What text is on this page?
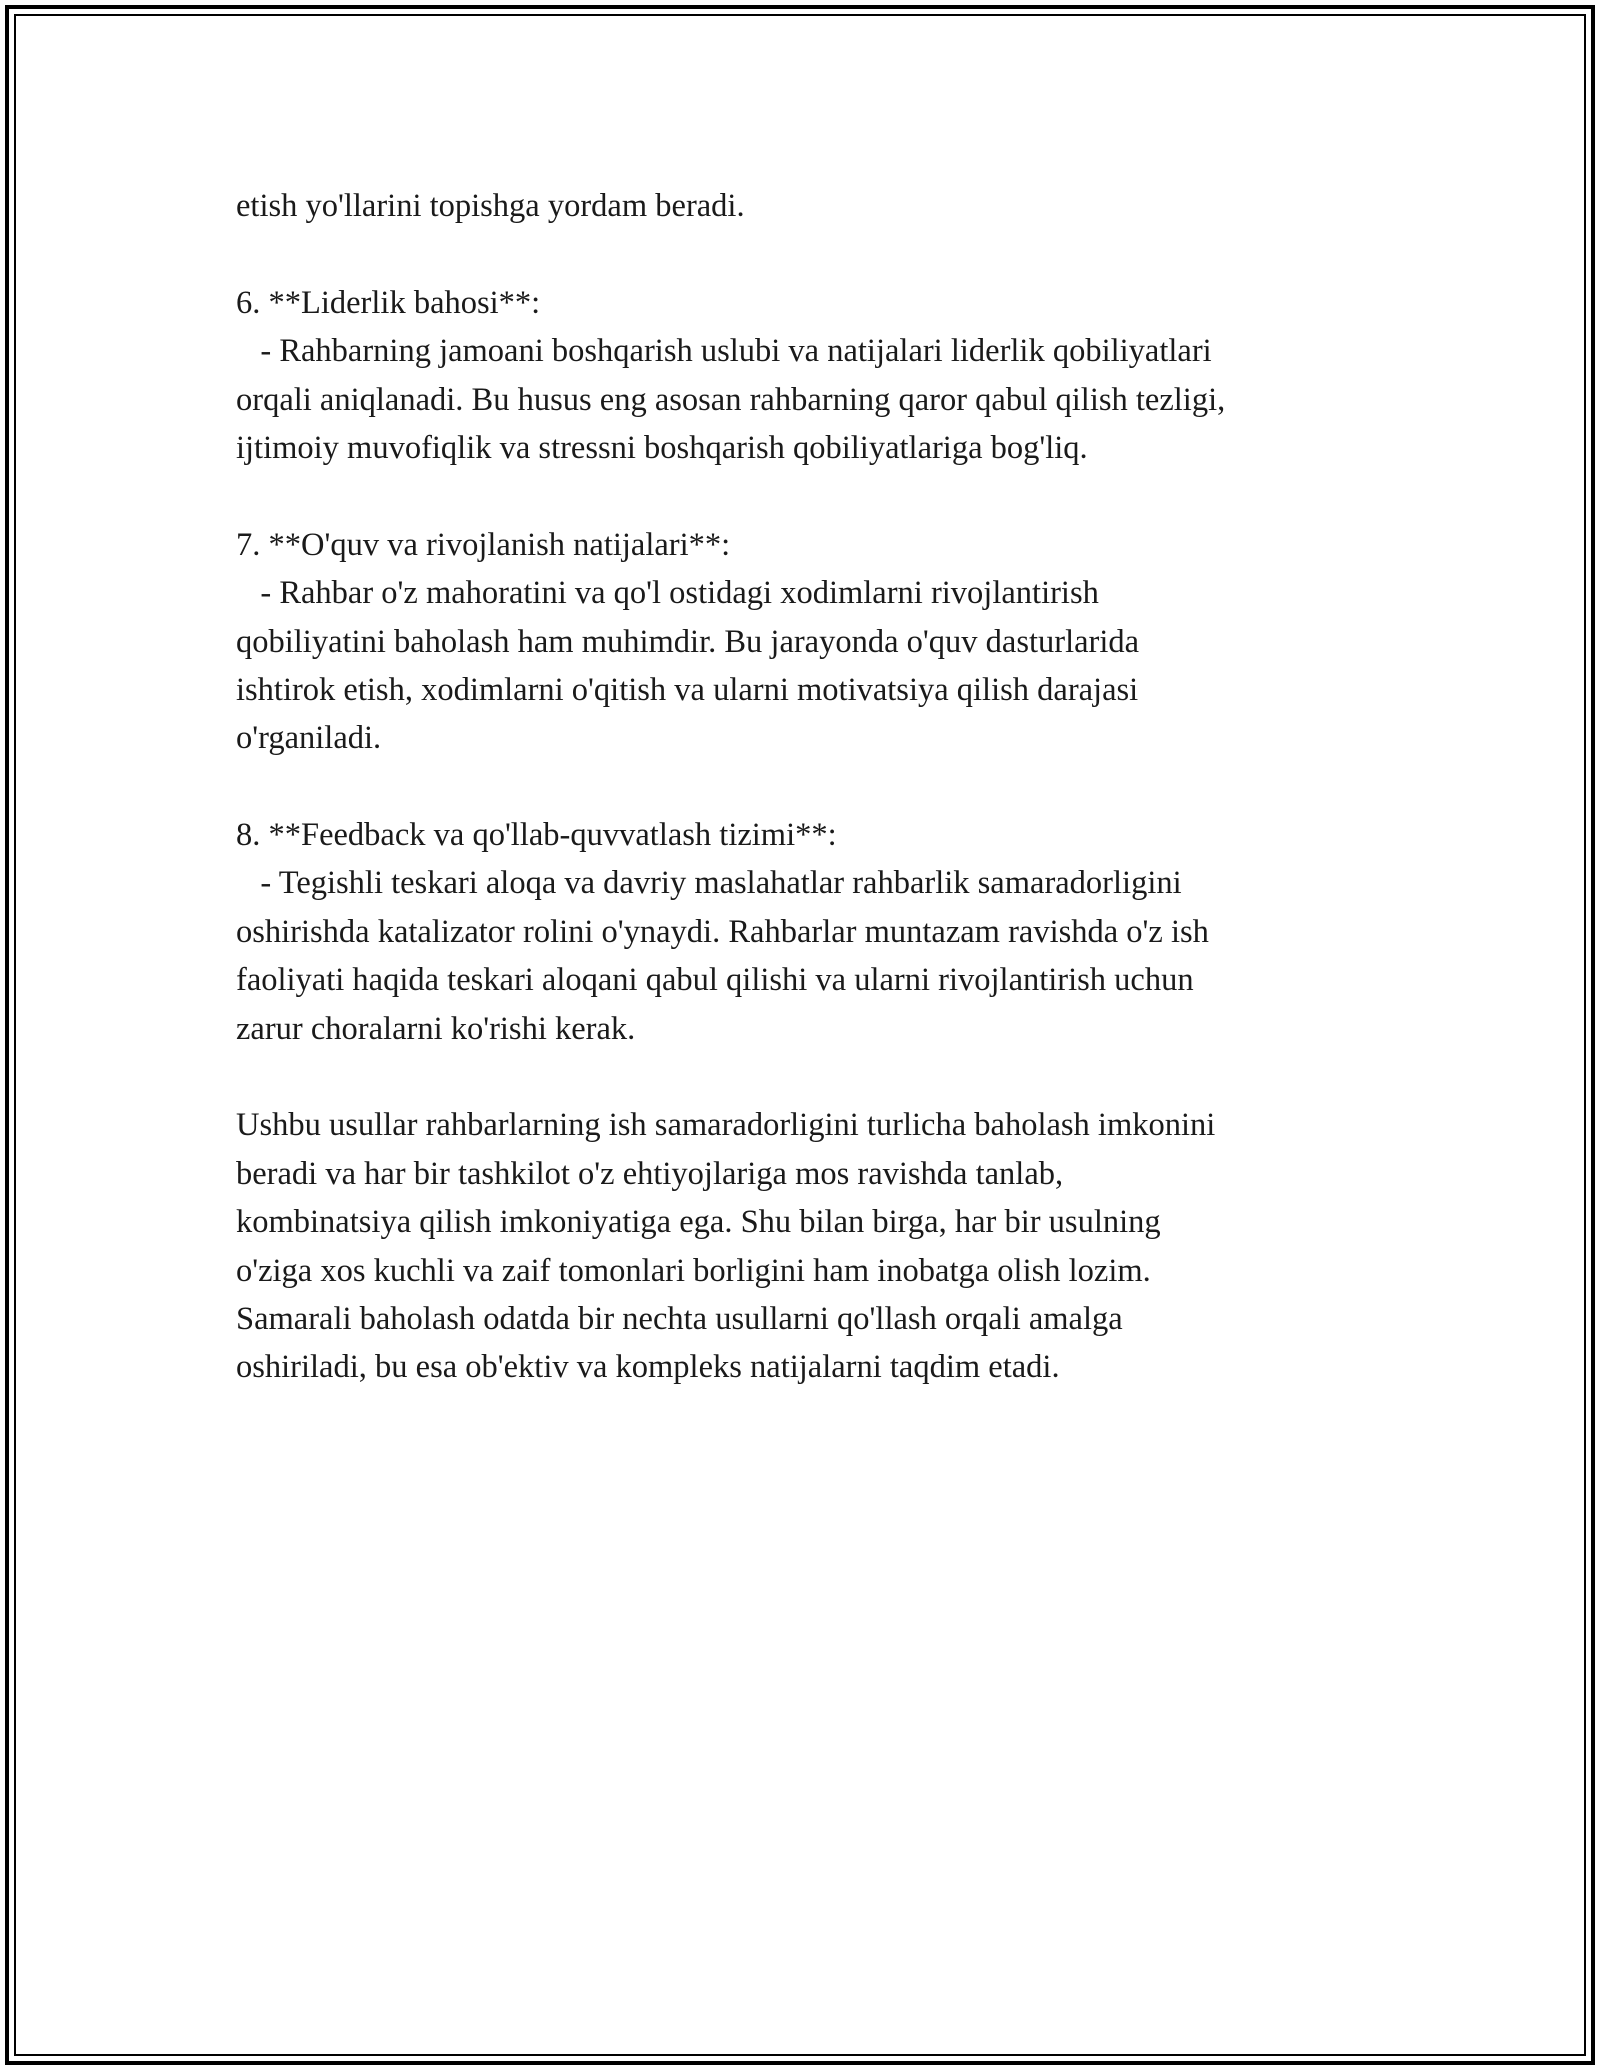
etish yo'llarini topishga yordam beradi.
6. **Liderlik bahosi**:
- Rahbarning jamoani boshqarish uslubi va natijalari liderlik qobiliyatlari
orqali aniqlanadi. Bu husus eng asosan rahbarning qaror qabul qilish tezligi,
ijtimoiy muvofiqlik va stressni boshqarish qobiliyatlariga bog'liq.
7. **O'quv va rivojlanish natijalari**:
- Rahbar o'z mahoratini va qo'l ostidagi xodimlarni rivojlantirish
qobiliyatini baholash ham muhimdir. Bu jarayonda o'quv dasturlarida
ishtirok etish, xodimlarni o'qitish va ularni motivatsiya qilish darajasi
o'rganiladi.
8. **Feedback va qo'llab-quvvatlash tizimi**:
- Tegishli teskari aloqa va davriy maslahatlar rahbarlik samaradorligini
oshirishda katalizator rolini o'ynaydi. Rahbarlar muntazam ravishda o'z ish
faoliyati haqida teskari aloqani qabul qilishi va ularni rivojlantirish uchun
zarur choralarni ko'rishi kerak.
Ushbu usullar rahbarlarning ish samaradorligini turlicha baholash imkonini
beradi va har bir tashkilot o'z ehtiyojlariga mos ravishda tanlab,
kombinatsiya qilish imkoniyatiga ega. Shu bilan birga, har bir usulning
o'ziga xos kuchli va zaif tomonlari borligini ham inobatga olish lozim.
Samarali baholash odatda bir nechta usullarni qo'llash orqali amalga
oshiriladi, bu esa ob'ektiv va kompleks natijalarni taqdim etadi.
